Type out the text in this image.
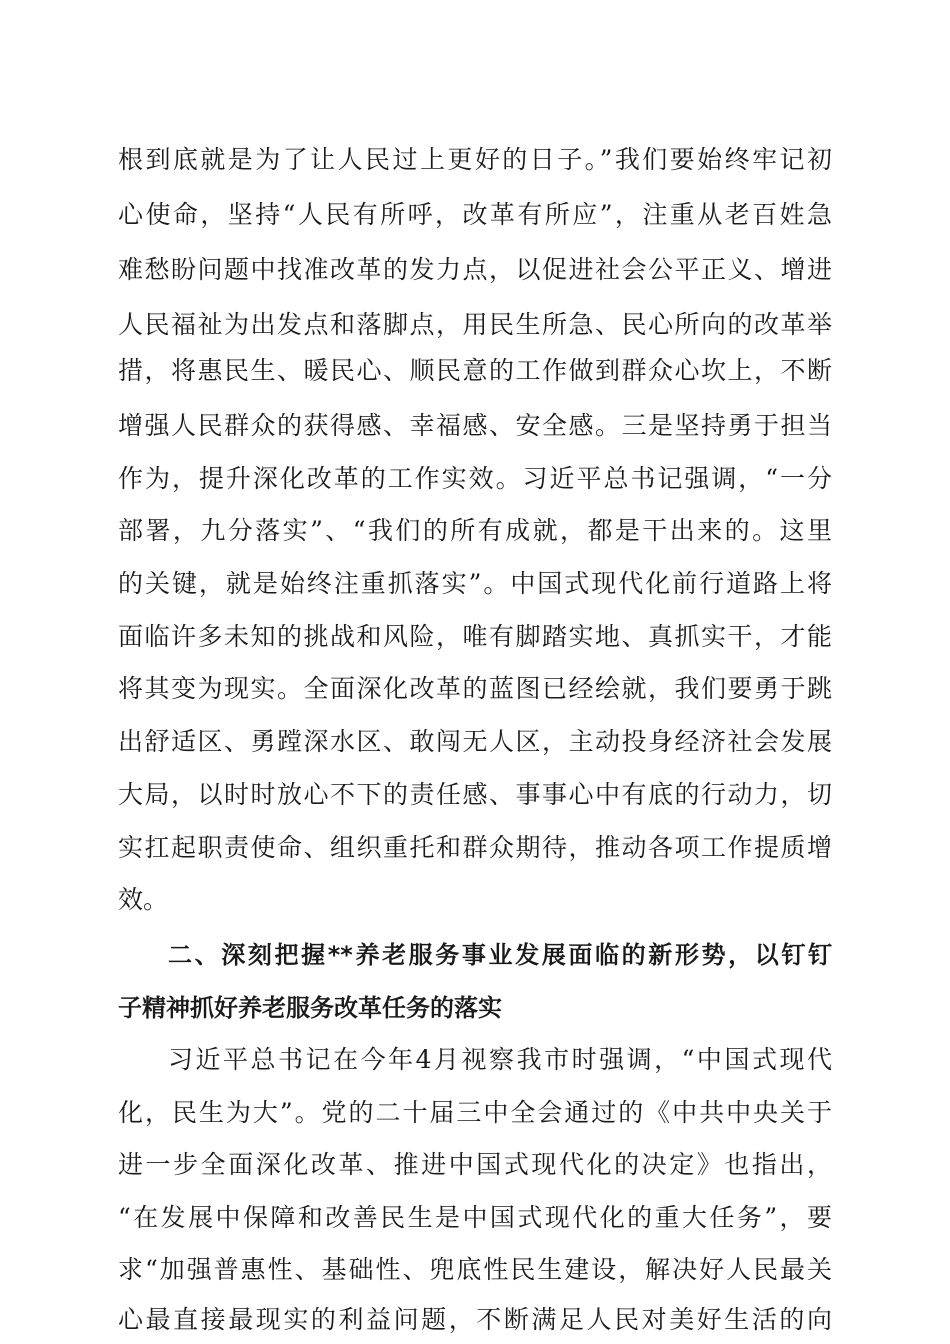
根到底就是为了让人民过上更好的日子。”我们要始终牢记初
心使命，坚持“人民有所呼，改革有所应”，注重从老百姓急
难愁盼问题中找准改革的发力点，以促进社会公平正义、增进
人民福祉为出发点和落脚点，用民生所急、民心所向的改革举
措，将惠民生、暖民心、顺民意的工作做到群众心坎上，不断
增强人民群众的获得感、幸福感、安全感。三是坚持勇于担当
作为，提升深化改革的工作实效。习近平总书记强调，“一分
部署，九分落实”、“我们的所有成就，都是干出来的。这里
的关键，就是始终注重抓落实”。中国式现代化前行道路上将
面临许多未知的挑战和风险，唯有脚踏实地、真抓实干，才能
将其变为现实。全面深化改革的蓝图已经绘就，我们要勇于跳
出舒适区、勇蹚深水区、敢闯无人区，主动投身经济社会发展
大局，以时时放心不下的责任感、事事心中有底的行动力，切
实扛起职责使命、组织重托和群众期待，推动各项工作提质增
效。
二、深刻把握**养老服务事业发展面临的新形势，以钉钉
子精神抓好养老服务改革任务的落实
习近平总书记在今年4月视察我市时强调，“中国式现代
化，民生为大”。党的二十届三中全会通过的《中共中央关于
进一步全面深化改革、推进中国式现代化的决定》也指出，
“在发展中保障和改善民生是中国式现代化的重大任务”，要
求“加强普惠性、基础性、兜底性民生建设，解决好人民最关
心最直接最现实的利益问题，不断满足人民对美好生活的向
